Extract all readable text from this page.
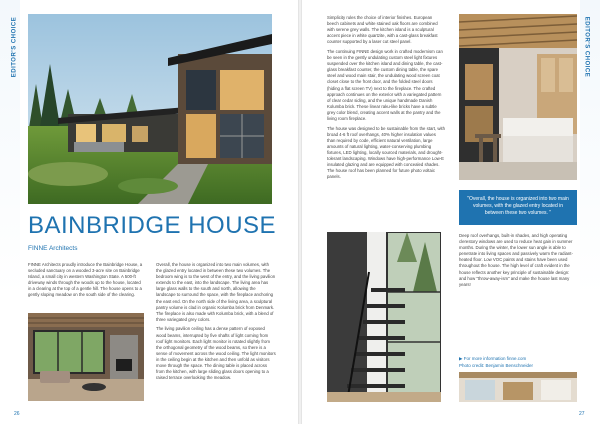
EDITOR'S CHOICE	EDITOR'S CHOICE
BAINBRIDGE HOUSE
FINNE Architects

FINNE Architects proudly introduce the Bainbridge House, a secluded sanctuary on a wooded 3-acre site on Bainbridge Island, a small city in western Washington State. A 500-ft driveway winds through the woods up to the house, located in a clearing at the top of a gentle hill. The house opens to a gently sloping meadow on the south side of the clearing.

Overall, the house is organized into two main volumes, with the glazed entry located in between these two volumes. The bedroom wing is to the west of the entry, and the living pavilion extends to the east, into the landscape. The living area has large glass walls to the south and north, allowing the landscape to surround the space, with the fireplace anchoring the east end. On the north side of the living area, a sculptural pantry volume is clad in organic Kolumba brick from Denmark. The fireplace is also made with Kolumba brick, with a blend of three variegated grey colors.

The living pavilion ceiling has a dense pattern of exposed wood beams, interrupted by five shafts of light coming from roof light monitors. Each light monitor is rotated slightly from the orthogonal geometry of the wood beams, so there is a sense of movement across the wood ceiling. The light monitors in the ceiling begin at the kitchen and then unfold as visitors move through the space. The dining table is placed across from the kitchen, with large sliding glass doors opening to a raised terrace overlooking the meadow.

26

Simplicity rules the choice of interior finishes. European beech cabinets and white stained oak floors are combined with serene grey walls. The kitchen island is a sculptural accent piece in white quartzite, with a cast-glass breakfast counter supported by a laser cut steel panel.

The continuing FINNE design work in crafted modernism can be seen in the gently undulating custom steel light fixtures suspended over the kitchen island and dining table, the cast-glass breakfast counter, the custom dining table, the spare steel and wood main stair, the undulating wood screen coat closet close to the front door, and the folded steel doors (hiding a flat screen TV) next to the fireplace. The crafted approach continues on the exterior with a variegated pattern of clear cedar siding, and the unique handmade Danish Kolumba brick. These linear raku-like bricks have a subtle grey color blend, creating accent walls at the pantry and the living room fireplace.

The house was designed to be sustainable from the start, with broad 4-6 ft roof overhangs, 40% higher insulation values than required by code, efficient natural ventilation, large amounts of natural lighting, water-conserving plumbing fixtures, LED lighting, locally sourced materials, and drought-tolerant landscaping. Windows have high-performance Low-E insulated glazing and are equipped with concealed shades. The house roof has been planned for future photo voltaic panels.

"Overall, the house is organized into two main volumes, with the glazed entry located in between these two volumes. "

Deep roof overhangs, built-in shades, and high operating clerestory windows are used to reduce heat gain in summer months. During the winter, the lower sun angle is able to penetrate into living spaces and passively warm the radiant-heated floor. Low VOC paints and stains have been used throughout the house. The high level of craft evident in the house reflects another key principle of sustainable design: and how "throw-away-ism" and make the house last many years!

▶ For more information finne.com
Photo credit: Benjamin Benschneider
27
